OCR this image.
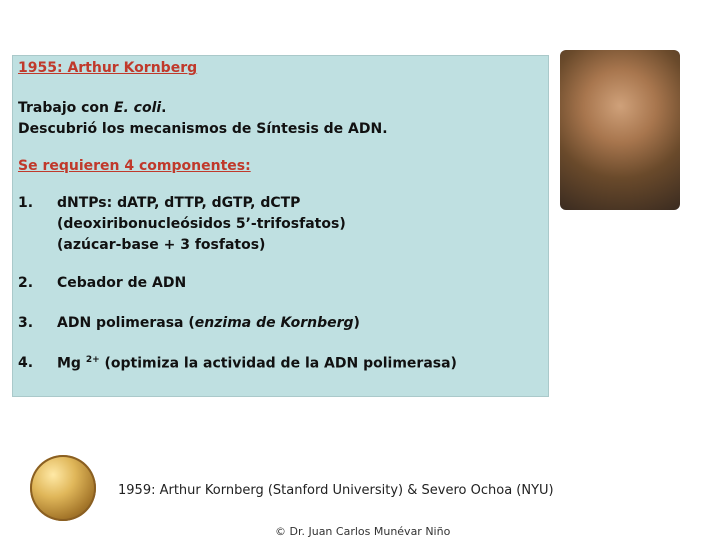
1955: Arthur Kornberg
Trabajo con E. coli.
Descubrió los mecanismos de Síntesis de ADN.
Se requieren 4 componentes:
1. dNTPs: dATP, dTTP, dGTP, dCTP
(deoxiribonucleósidos 5’-trifosfatos)
(azúcar-base + 3 fosfatos)
2. Cebador de ADN
3. ADN polimerasa (enzima de Kornberg)
4. Mg $^{2+}$ (optimiza la actividad de la ADN polimerasa)
1959: Arthur Kornberg (Stanford University) & Severo Ochoa (NYU)
© Dr. Juan Carlos Munévar Niño
